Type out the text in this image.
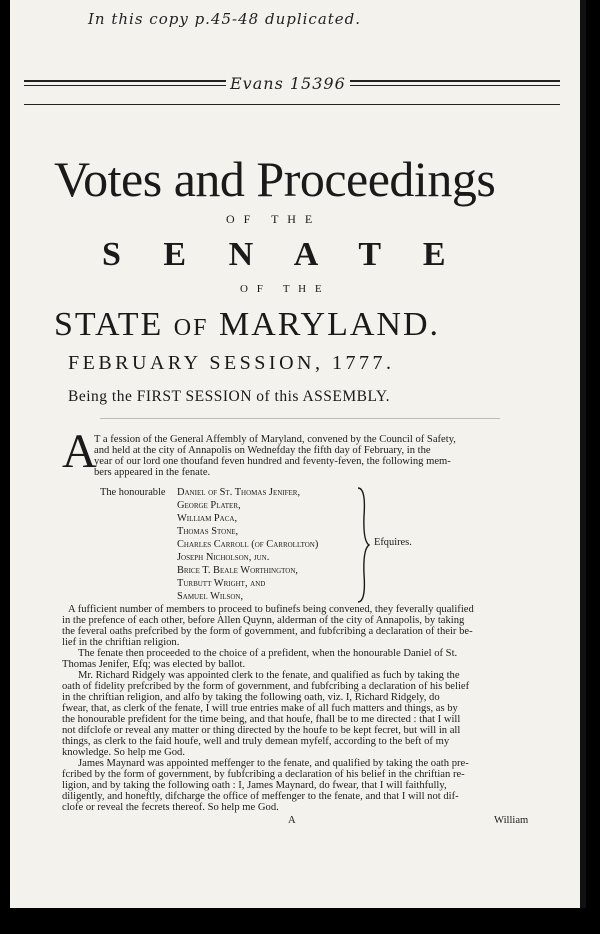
In this copy p.45-48 duplicated.
Evans 15396
Votes and Proceedings
O F   T H E
S E N A T E
O F   T H E
STATE of MARYLAND.
FEBRUARY SESSION, 1777.
Being the FIRST SESSION of this ASSEMBLY.
A
T a fession of the General Affembly of Maryland, convened by the Council of Safety,
and held at the city of Annapolis on Wednefday the fifth day of February, in the
year of our lord one thoufand feven hundred and feventy-feven, the following mem-
bers appeared in the fenate.
The honourable Daniel of St. Thomas Jenifer,
George Plater,
William Paca,
Thomas Stone,
Charles Carroll (of Carrollton)
Joseph Nicholson, jun.
Brice T. Beale Worthington,
Turbutt Wright, and
Samuel Wilson,
Efquires.
A fufficient number of members to proceed to bufinefs being convened, they feverally qualified
in the prefence of each other, before Allen Quynn, alderman of the city of Annapolis, by taking
the feveral oaths prefcribed by the form of government, and fubfcribing a declaration of their be-
lief in the chriftian religion.
The fenate then proceeded to the choice of a prefident, when the honourable Daniel of St.
Thomas Jenifer, Efq; was elected by ballot.
Mr. Richard Ridgely was appointed clerk to the fenate, and qualified as fuch by taking the
oath of fidelity prefcribed by the form of government, and fubfcribing a declaration of his belief
in the chriftian religion, and alfo by taking the following oath, viz. I, Richard Ridgely, do
fwear, that, as clerk of the fenate, I will true entries make of all fuch matters and things, as by
the honourable prefident for the time being, and that houfe, fhall be to me directed : that I will
not difclofe or reveal any matter or thing directed by the houfe to be kept fecret, but will in all
things, as clerk to the faid houfe, well and truly demean myfelf, according to the beft of my
knowledge. So help me God.
James Maynard was appointed meffenger to the fenate, and qualified by taking the oath pre-
fcribed by the form of government, by fubfcribing a declaration of his belief in the chriftian re-
ligion, and by taking the following oath : I, James Maynard, do fwear, that I will faithfully,
diligently, and honeftly, difcharge the office of meffenger to the fenate, and that I will not dif-
clofe or reveal the fecrets thereof. So help me God.
A	William
